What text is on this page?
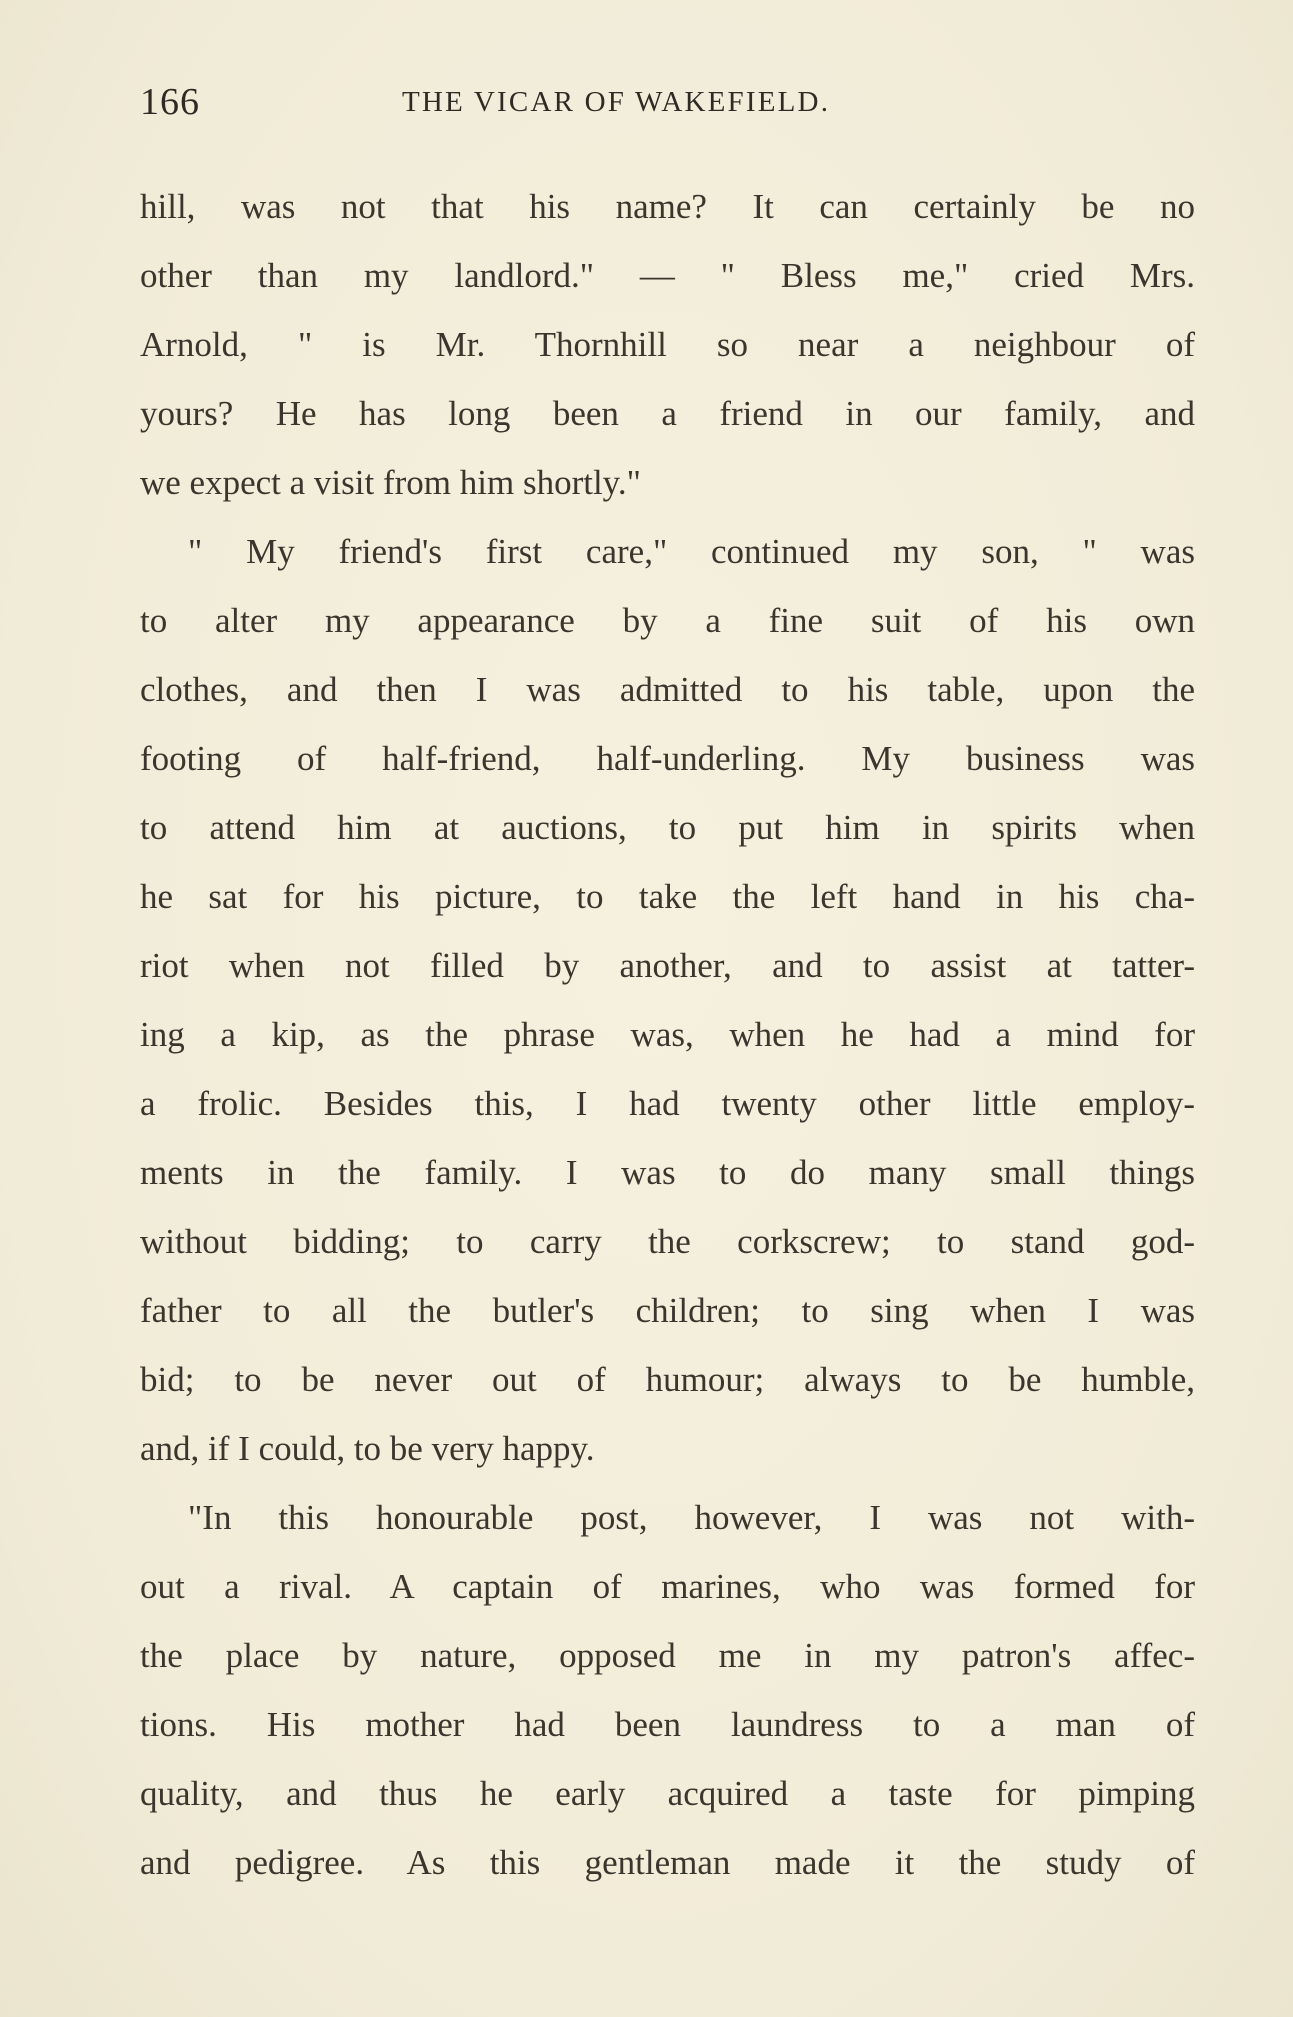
166	THE VICAR OF WAKEFIELD.
hill, was not that his name? It can certainly be no
other than my landlord." — " Bless me," cried Mrs.
Arnold, " is Mr. Thornhill so near a neighbour of
yours? He has long been a friend in our family, and
we expect a visit from him shortly."
" My friend's first care," continued my son, " was
to alter my appearance by a fine suit of his own
clothes, and then I was admitted to his table, upon the
footing of half-friend, half-underling. My business was
to attend him at auctions, to put him in spirits when
he sat for his picture, to take the left hand in his cha-
riot when not filled by another, and to assist at tatter-
ing a kip, as the phrase was, when he had a mind for
a frolic. Besides this, I had twenty other little employ-
ments in the family. I was to do many small things
without bidding; to carry the corkscrew; to stand god-
father to all the butler's children; to sing when I was
bid; to be never out of humour; always to be humble,
and, if I could, to be very happy.
"In this honourable post, however, I was not with-
out a rival. A captain of marines, who was formed for
the place by nature, opposed me in my patron's affec-
tions. His mother had been laundress to a man of
quality, and thus he early acquired a taste for pimping
and pedigree. As this gentleman made it the study of
